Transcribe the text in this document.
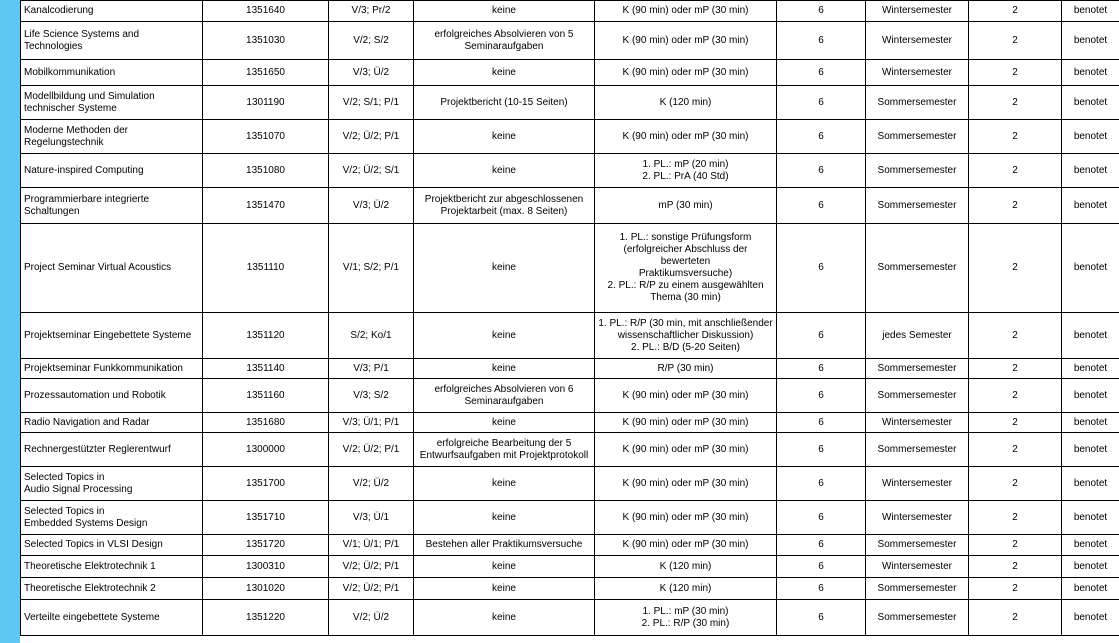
Kanalcodierung	1351640	V/3; Pr/2	keine	K (90 min) oder mP (30 min)	6	Wintersemester	2	benotet
Life Science Systems and Technologies	1351030	V/2; S/2	erfolgreiches Absolvieren von 5
Seminaraufgaben	K (90 min) oder mP (30 min)	6	Wintersemester	2	benotet
Mobilkommunikation	1351650	V/3; Ü/2	keine	K (90 min) oder mP (30 min)	6	Wintersemester	2	benotet
Modellbildung und Simulation
technischer Systeme	1301190	V/2; S/1; P/1	Projektbericht (10-15 Seiten)	K (120 min)	6	Sommersemester	2	benotet
Moderne Methoden der
Regelungstechnik	1351070	V/2; Ü/2; P/1	keine	K (90 min) oder mP (30 min)	6	Sommersemester	2	benotet
Nature-inspired Computing	1351080	V/2; Ü/2; S/1	keine	1. PL.: mP (20 min)
2. PL.: PrA (40 Std)	6	Sommersemester	2	benotet
Programmierbare integrierte
Schaltungen	1351470	V/3; Ü/2	Projektbericht zur abgeschlossenen
Projektarbeit (max. 8 Seiten)	mP (30 min)	6	Sommersemester	2	benotet
Project Seminar Virtual Acoustics	1351110	V/1; S/2; P/1	keine	1. PL.: sonstige Prüfungsform
(erfolgreicher Abschluss der bewerteten
Praktikumsversuche)
2. PL.: R/P zu einem ausgewählten
Thema (30 min)	6	Sommersemester	2	benotet
Projektseminar Eingebettete Systeme	1351120	S/2; Ko/1	keine	1. PL.: R/P (30 min, mit anschließender
wissenschaftlicher Diskussion)
2. PL.: B/D (5-20 Seiten)	6	jedes Semester	2	benotet
Projektseminar Funkkommunikation	1351140	V/3; P/1	keine	R/P (30 min)	6	Sommersemester	2	benotet
Prozessautomation und Robotik	1351160	V/3; S/2	erfolgreiches Absolvieren von 6
Seminaraufgaben	K (90 min) oder mP (30 min)	6	Sommersemester	2	benotet
Radio Navigation and Radar	1351680	V/3; Ü/1; P/1	keine	K (90 min) oder mP (30 min)	6	Wintersemester	2	benotet
Rechnergestützter Reglerentwurf	1300000	V/2; Ü/2; P/1	erfolgreiche Bearbeitung der 5
Entwurfsaufgaben mit Projektprotokoll	K (90 min) oder mP (30 min)	6	Sommersemester	2	benotet
Selected Topics in
Audio Signal Processing	1351700	V/2; Ü/2	keine	K (90 min) oder mP (30 min)	6	Wintersemester	2	benotet
Selected Topics in
Embedded Systems Design	1351710	V/3; Ü/1	keine	K (90 min) oder mP (30 min)	6	Wintersemester	2	benotet
Selected Topics in VLSI Design	1351720	V/1; Ü/1; P/1	Bestehen aller Praktikumsversuche	K (90 min) oder mP (30 min)	6	Sommersemester	2	benotet
Theoretische Elektrotechnik 1	1300310	V/2; Ü/2; P/1	keine	K (120 min)	6	Wintersemester	2	benotet
Theoretische Elektrotechnik 2	1301020	V/2; Ü/2; P/1	keine	K (120 min)	6	Sommersemester	2	benotet
Verteilte eingebettete Systeme	1351220	V/2; Ü/2	keine	1. PL.: mP (30 min)
2. PL.: R/P (30 min)	6	Sommersemester	2	benotet
